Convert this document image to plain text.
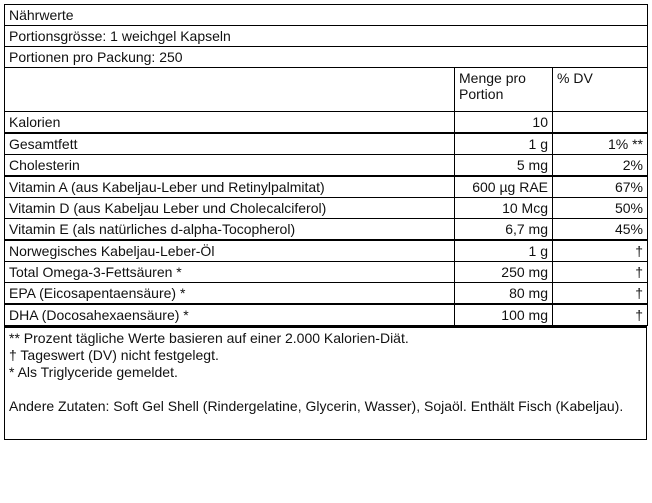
Nährwerte		
Portionsgrösse: 1 weichgel Kapseln		
Portionen pro Packung: 250		
	Menge pro Portion	% DV
Kalorien	10	
Gesamtfett	1 g	1% **
Cholesterin	5 mg	2%
Vitamin A (aus Kabeljau-Leber und Retinylpalmitat)	600 µg RAE	67%
Vitamin D (aus Kabeljau Leber und Cholecalciferol)	10 Mcg	50%
Vitamin E (als natürliches d-alpha-Tocopherol)	6,7 mg	45%
Norwegisches Kabeljau-Leber-Öl	1 g	†
Total Omega-3-Fettsäuren *	250 mg	†
EPA (Eicosapentaensäure) *	80 mg	†
DHA (Docosahexaensäure) *	100 mg	†
** Prozent tägliche Werte basieren auf einer 2.000 Kalorien-Diät.
† Tageswert (DV) nicht festgelegt.
* Als Triglyceride gemeldet.
Andere Zutaten: Soft Gel Shell (Rindergelatine, Glycerin, Wasser), Sojaöl. Enthält Fisch (Kabeljau).
